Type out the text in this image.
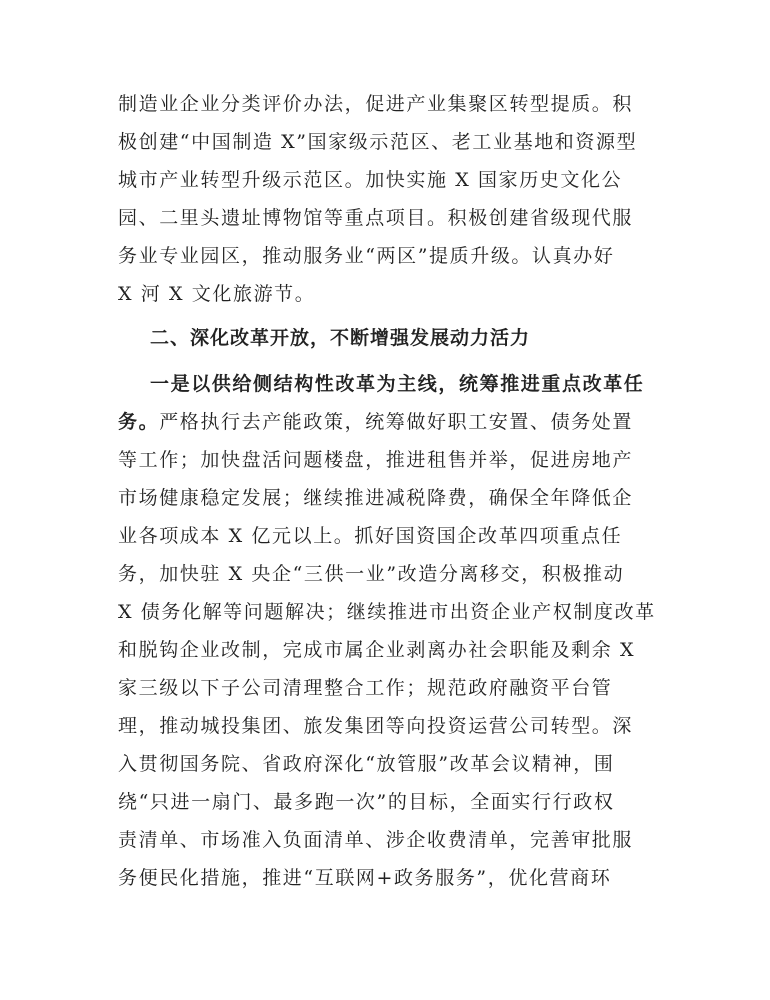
制造业企业分类评价办法，促进产业集聚区转型提质。积
极创建“中国制造 X”国家级示范区、老工业基地和资源型
城市产业转型升级示范区。加快实施 X 国家历史文化公
园、二里头遗址博物馆等重点项目。积极创建省级现代服
务业专业园区，推动服务业“两区”提质升级。认真办好
X 河 X 文化旅游节。
二、深化改革开放，不断增强发展动力活力
一是以供给侧结构性改革为主线，统筹推进重点改革任
务。严格执行去产能政策，统筹做好职工安置、债务处置
等工作；加快盘活问题楼盘，推进租售并举，促进房地产
市场健康稳定发展；继续推进减税降费，确保全年降低企
业各项成本 X 亿元以上。抓好国资国企改革四项重点任
务，加快驻 X 央企“三供一业”改造分离移交，积极推动
X 债务化解等问题解决；继续推进市出资企业产权制度改革
和脱钩企业改制，完成市属企业剥离办社会职能及剩余 X
家三级以下子公司清理整合工作；规范政府融资平台管
理，推动城投集团、旅发集团等向投资运营公司转型。深
入贯彻国务院、省政府深化“放管服”改革会议精神，围
绕“只进一扇门、最多跑一次”的目标，全面实行行政权
责清单、市场准入负面清单、涉企收费清单，完善审批服
务便民化措施，推进“互联网+政务服务”，优化营商环
